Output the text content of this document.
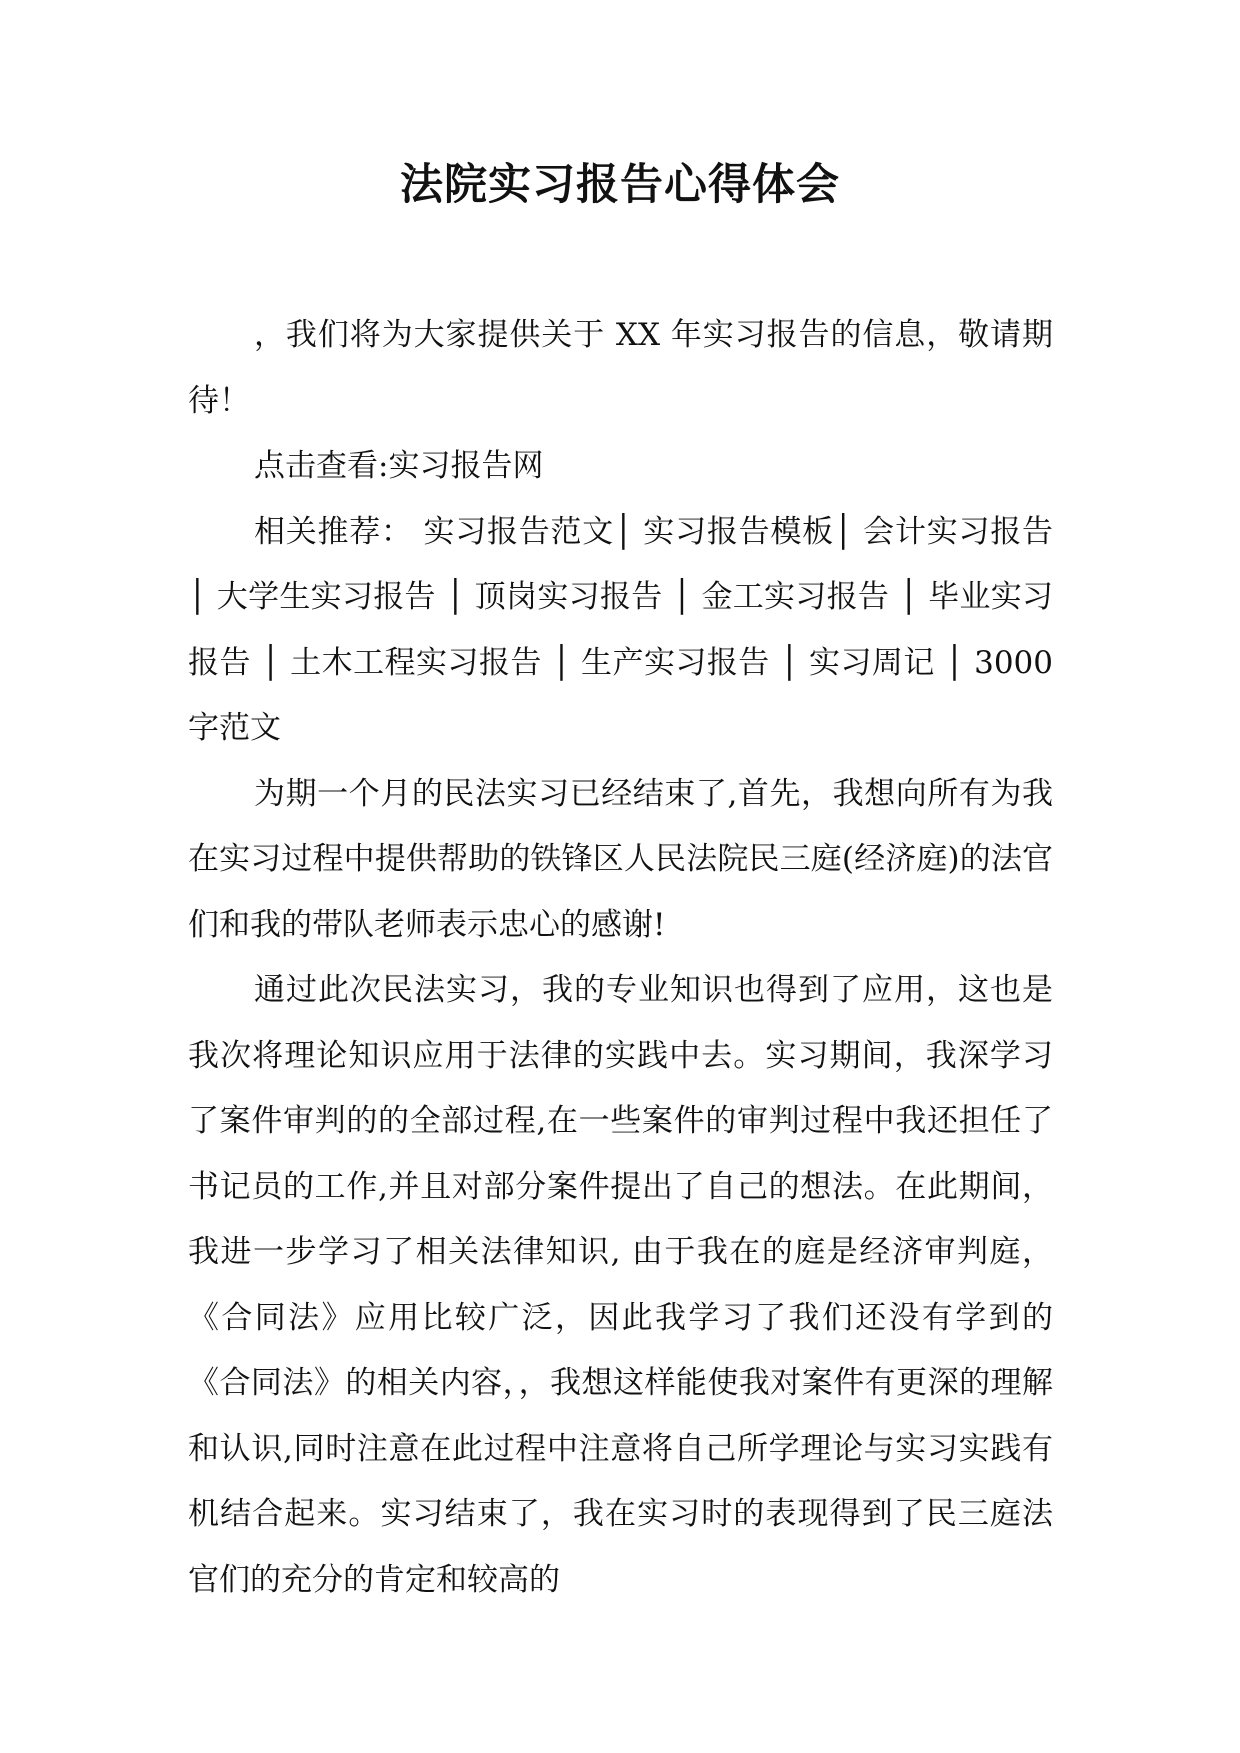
法院实习报告心得体会

，我们将为大家提供关于 XX 年实习报告的信息，敬请期待！

点击查看:实习报告网

相关推荐： 实习报告范文│ 实习报告模板│ 会计实习报告 │ 大学生实习报告 │ 顶岗实习报告 │ 金工实习报告 │ 毕业实习报告 │ 土木工程实习报告 │ 生产实习报告 │ 实习周记 │ 3000 字范文

为期一个月的民法实习已经结束了,首先，我想向所有为我在实习过程中提供帮助的铁锋区人民法院民三庭(经济庭)的法官们和我的带队老师表示忠心的感谢!

通过此次民法实习，我的专业知识也得到了应用，这也是我次将理论知识应用于法律的实践中去。实习期间，我深学习了案件审判的的全部过程,在一些案件的审判过程中我还担任了书记员的工作,并且对部分案件提出了自己的想法。在此期间，我进一步学习了相关法律知识, 由于我在的庭是经济审判庭，《合同法》应用比较广泛，因此我学习了我们还没有学到的《合同法》的相关内容，，我想这样能使我对案件有更深的理解和认识,同时注意在此过程中注意将自己所学理论与实习实践有机结合起来。实习结束了，我在实习时的表现得到了民三庭法官们的充分的肯定和较高的
